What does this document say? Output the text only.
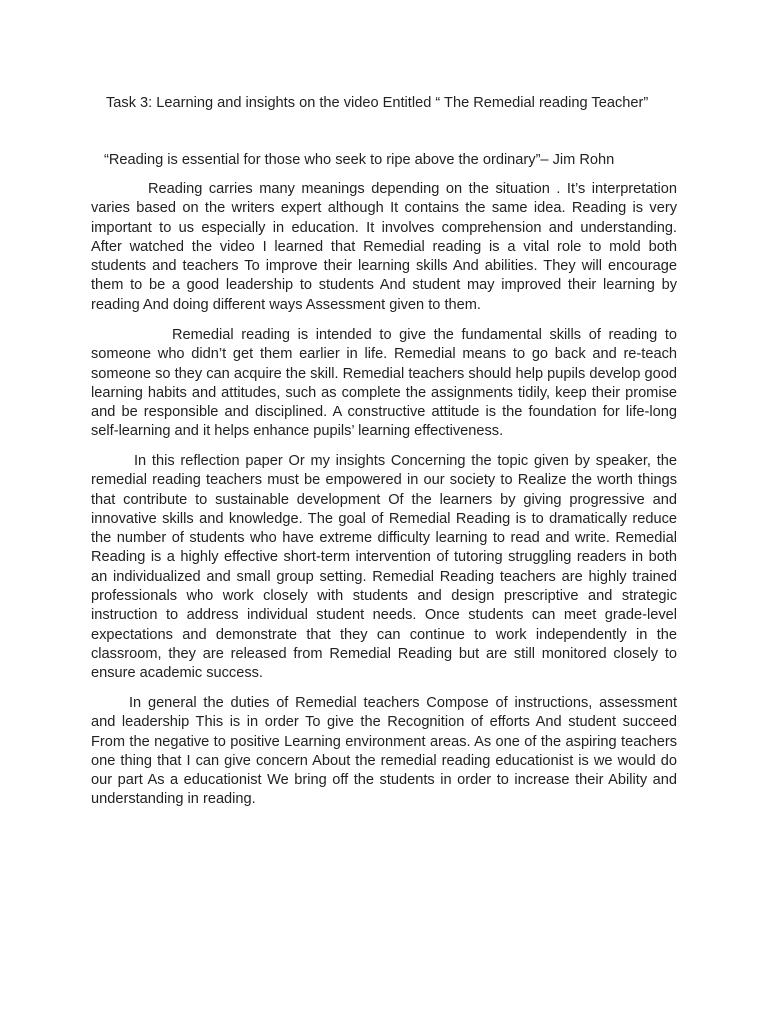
Task 3: Learning and insights on the video Entitled “ The Remedial reading Teacher”

“Reading is essential for those who seek to ripe above the ordinary”– Jim Rohn

Reading carries many meanings depending on the situation . It’s interpretation varies based on the writers expert although It contains the same idea. Reading is very important to us especially in education. It involves comprehension and understanding. After watched the video I learned that Remedial reading is a vital role to mold both students and teachers To improve their learning skills And abilities. They will encourage them to be a good leadership to students And student may improved their learning by reading And doing different ways Assessment given to them.

Remedial reading is intended to give the fundamental skills of reading to someone who didn’t get them earlier in life. Remedial means to go back and re-teach someone so they can acquire the skill. Remedial teachers should help pupils develop good learning habits and attitudes, such as complete the assignments tidily, keep their promise and be responsible and disciplined. A constructive attitude is the foundation for life-long self-learning and it helps enhance pupils’ learning effectiveness.

In this reflection paper Or my insights Concerning the topic given by speaker, the remedial reading teachers must be empowered in our society to Realize the worth things that contribute to sustainable development Of the learners by giving progressive and innovative skills and knowledge. The goal of Remedial Reading is to dramatically reduce the number of students who have extreme difficulty learning to read and write. Remedial Reading is a highly effective short-term intervention of tutoring struggling readers in both an individualized and small group setting. Remedial Reading teachers are highly trained professionals who work closely with students and design prescriptive and strategic instruction to address individual student needs. Once students can meet grade-level expectations and demonstrate that they can continue to work independently in the classroom, they are released from Remedial Reading but are still monitored closely to ensure academic success.

In general the duties of Remedial teachers Compose of instructions, assessment and leadership This is in order To give the Recognition of efforts And student succeed From the negative to positive Learning environment areas. As one of the aspiring teachers one thing that I can give concern About the remedial reading educationist is we would do our part As a educationist We bring off the students in order to increase their Ability and understanding in reading.
